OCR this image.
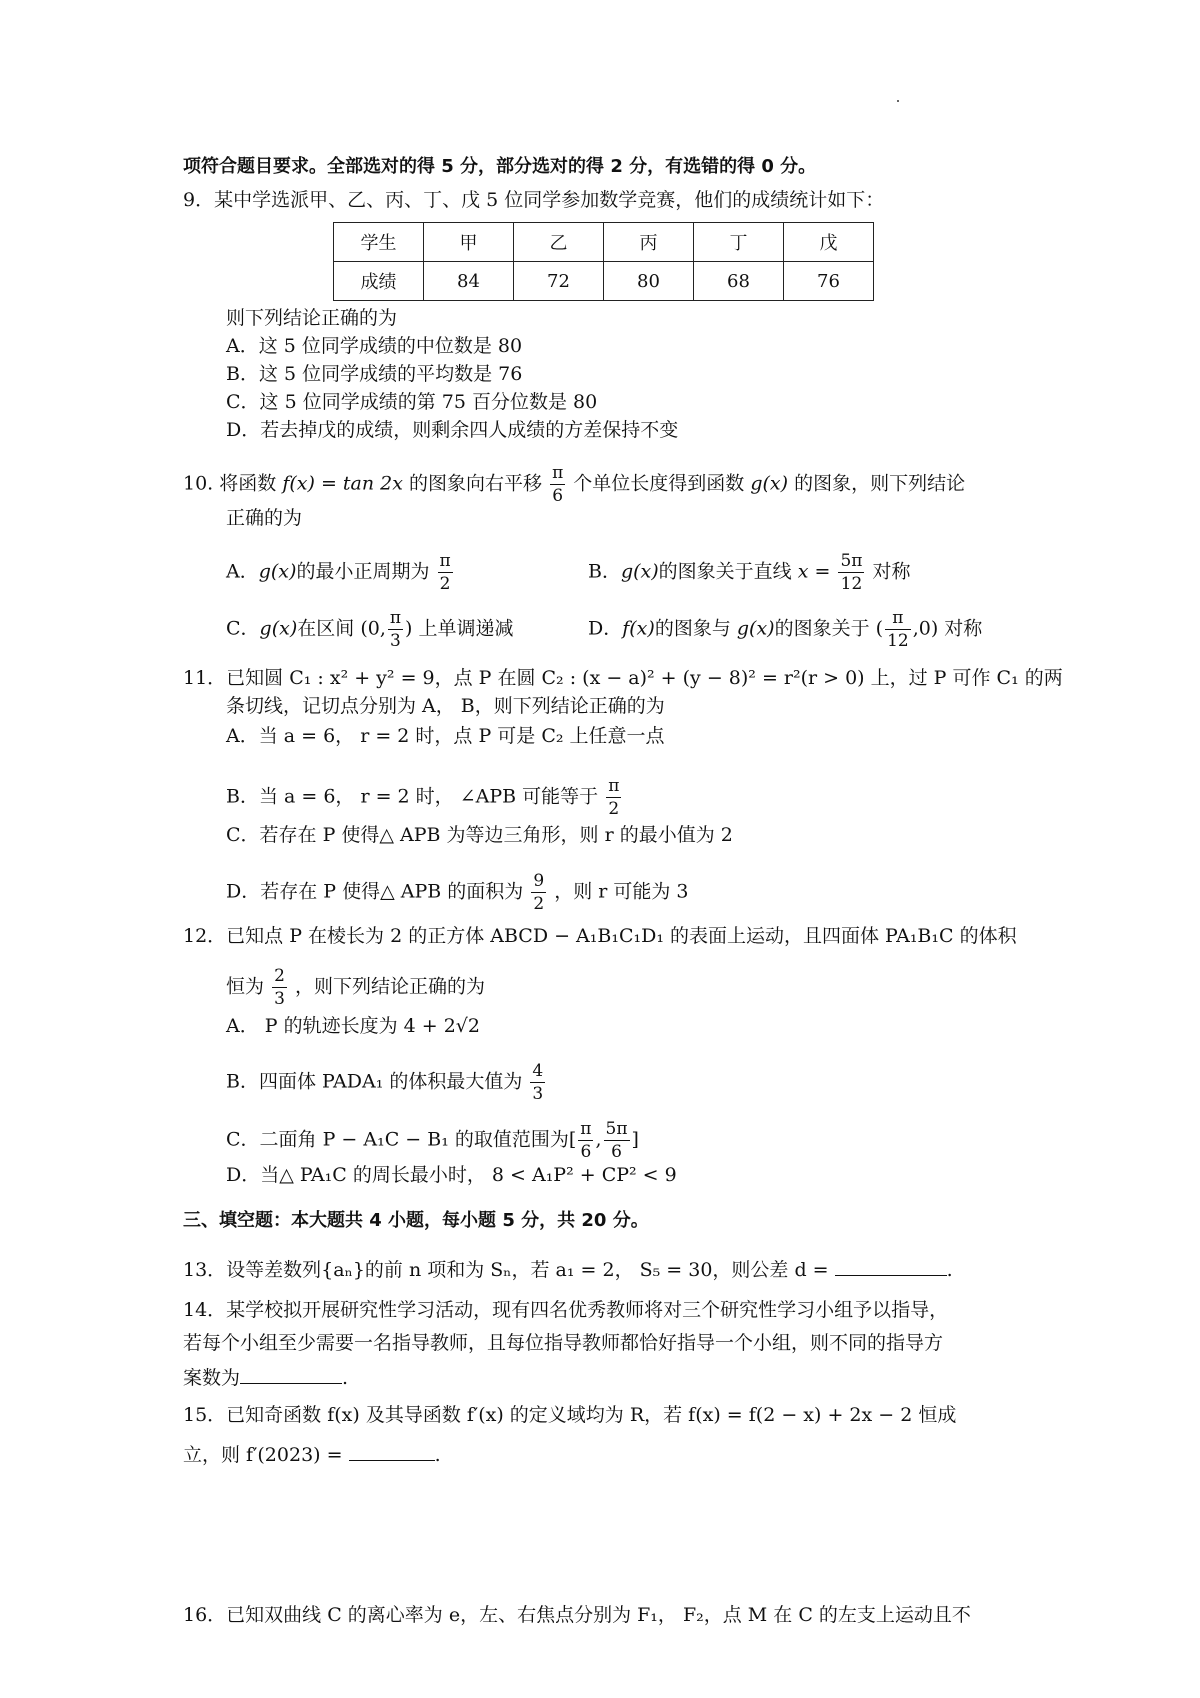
项符合题目要求。全部选对的得 5 分，部分选对的得 2 分，有选错的得 0 分。
9．某中学选派甲、乙、丙、丁、戊 5 位同学参加数学竞赛，他们的成绩统计如下：
学生	甲	乙	丙	丁	戊
成绩	84	72	80	68	76
则下列结论正确的为
A．这 5 位同学成绩的中位数是 80
B．这 5 位同学成绩的平均数是 76
C．这 5 位同学成绩的第 75 百分位数是 80
D．若去掉戊的成绩，则剩余四人成绩的方差保持不变
10. 将函数 f(x) = tan 2x 的图象向右平移 $\frac{\pi}{6}$ 个单位长度得到函数 g(x) 的图象，则下列结论
正确的为
A．g(x)的最小正周期为 $\frac{\pi}{2}$	B．g(x)的图象关于直线 $x = \frac{5\pi}{12}$ 对称
C．g(x)在区间 (0, $\frac{\pi}{3}$ ) 上单调递减	D．f(x)的图象与 g(x)的图象关于 ( $\frac{\pi}{12} ,0$) 对称
11．已知圆 C₁ : x² + y² = 9，点 P 在圆 C₂ : (x − a)² + (y − 8)² = r²(r > 0) 上，过 P 可作 C₁ 的两
条切线，记切点分别为 A， B，则下列结论正确的为
A．当 a = 6， r = 2 时，点 P 可是 C₂ 上任意一点
B．当 a = 6， r = 2 时， ∠APB 可能等于 $\frac{\pi}{2}$
C．若存在 P 使得△ APB 为等边三角形，则 r 的最小值为 2
D．若存在 P 使得△ APB 的面积为 $\frac{9}{2}$ ，则 r 可能为 3
12．已知点 P 在棱长为 2 的正方体 ABCD − A₁B₁C₁D₁ 的表面上运动，且四面体 PA₁B₁C 的体积
恒为 $\frac{2}{3}$ ，则下列结论正确的为
A． P 的轨迹长度为 4 + 2√2
B．四面体 PADA₁ 的体积最大值为 $\frac{4}{3}$
C．二面角 P − A₁C − B₁ 的取值范围为[ $\frac{\pi}{6}$ , $\frac{5\pi}{6}$ ]
D．当△ PA₁C 的周长最小时， 8 < A₁P² + CP² < 9
三、填空题：本大题共 4 小题，每小题 5 分，共 20 分。
13．设等差数列{aₙ}的前 n 项和为 Sₙ，若 a₁ = 2， S₅ = 30，则公差 d =	.
14．某学校拟开展研究性学习活动，现有四名优秀教师将对三个研究性学习小组予以指导，
若每个小组至少需要一名指导教师，且每位指导教师都恰好指导一个小组，则不同的指导方
案数为	.
15．已知奇函数 f(x) 及其导函数 f′(x) 的定义域均为 R，若 f(x) = f(2 − x) + 2x − 2 恒成
立，则 f′(2023) =	.
16．已知双曲线 C 的离心率为 e，左、右焦点分别为 F₁， F₂，点 M 在 C 的左支上运动且不
